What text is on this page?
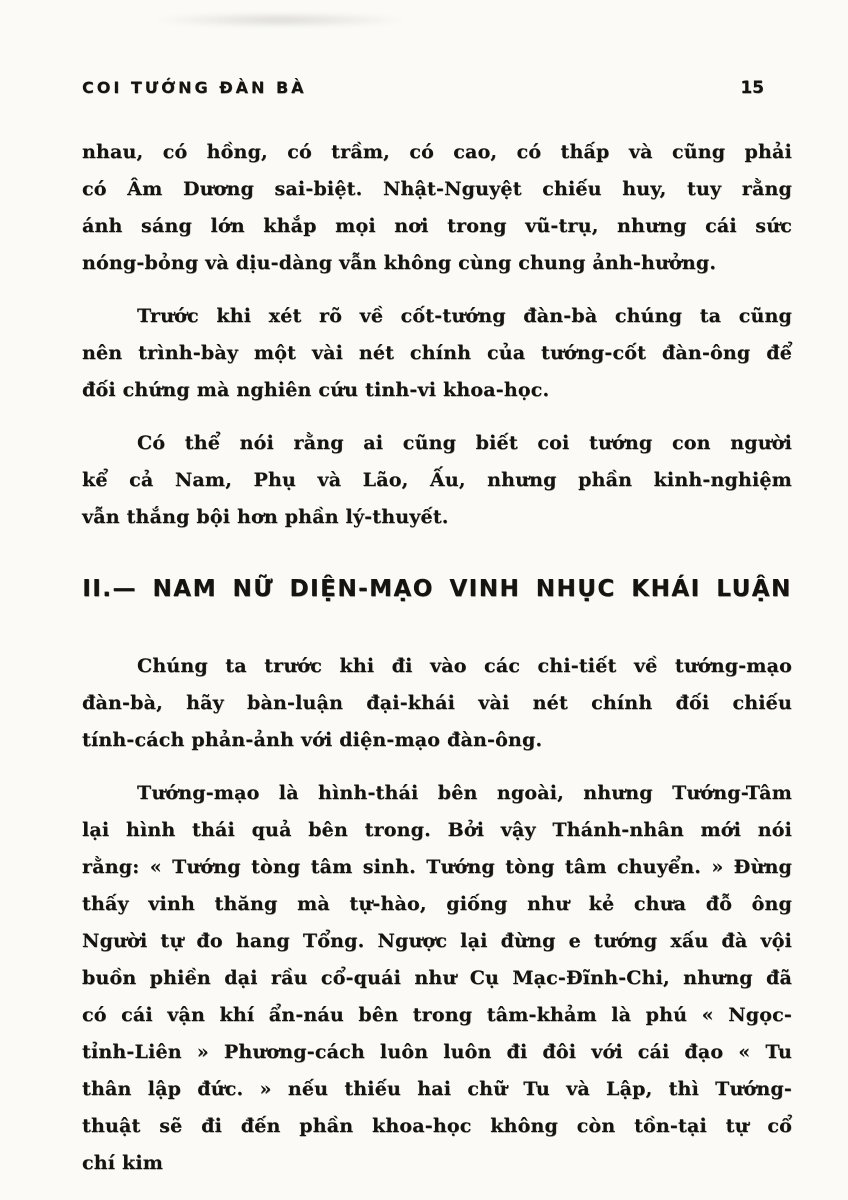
COI TƯỚNG ĐÀN BÀ	15
nhau, có hồng, có trầm, có cao, có thấp và cũng phải
có Âm Dương sai-biệt. Nhật-Nguyệt chiếu huy, tuy rằng
ánh sáng lớn khắp mọi nơi trong vũ-trụ, nhưng cái sức
nóng-bỏng và dịu-dàng vẫn không cùng chung ảnh-hưởng.
Trước khi xét rõ về cốt-tướng đàn-bà chúng ta cũng
nên trình-bày một vài nét chính của tướng-cốt đàn-ông để
đối chứng mà nghiên cứu tinh-vi khoa-học.
Có thể nói rằng ai cũng biết coi tướng con người
kể cả Nam, Phụ và Lão, Ấu, nhưng phần kinh-nghiệm
vẫn thắng bội hơn phần lý-thuyết.
II.— NAM NỮ DIỆN-MẠO VINH NHỤC KHÁI LUẬN
Chúng ta trước khi đi vào các chi-tiết về tướng-mạo
đàn-bà, hãy bàn-luận đại-khái vài nét chính đối chiếu
tính-cách phản-ảnh với diện-mạo đàn-ông.
Tướng-mạo là hình-thái bên ngoài, nhưng Tướng-Tâm
lại hình thái quả bên trong. Bởi vậy Thánh-nhân mới nói
rằng: « Tướng tòng tâm sinh. Tướng tòng tâm chuyển. » Đừng
thấy vinh thăng mà tự-hào, giống như kẻ chưa đỗ ông
Người tự đo hang Tổng. Ngược lại đừng e tướng xấu đà vội
buồn phiền dại rầu cổ-quái như Cụ Mạc-Đĩnh-Chi, nhưng đã
có cái vận khí ẩn-náu bên trong tâm-khảm là phú « Ngọc-
tỉnh-Liên » Phương-cách luôn luôn đi đôi với cái đạo « Tu
thân lập đức. » nếu thiếu hai chữ Tu và Lập, thì Tướng-
thuật sẽ đi đến phần khoa-học không còn tồn-tại tự cổ
chí kim
